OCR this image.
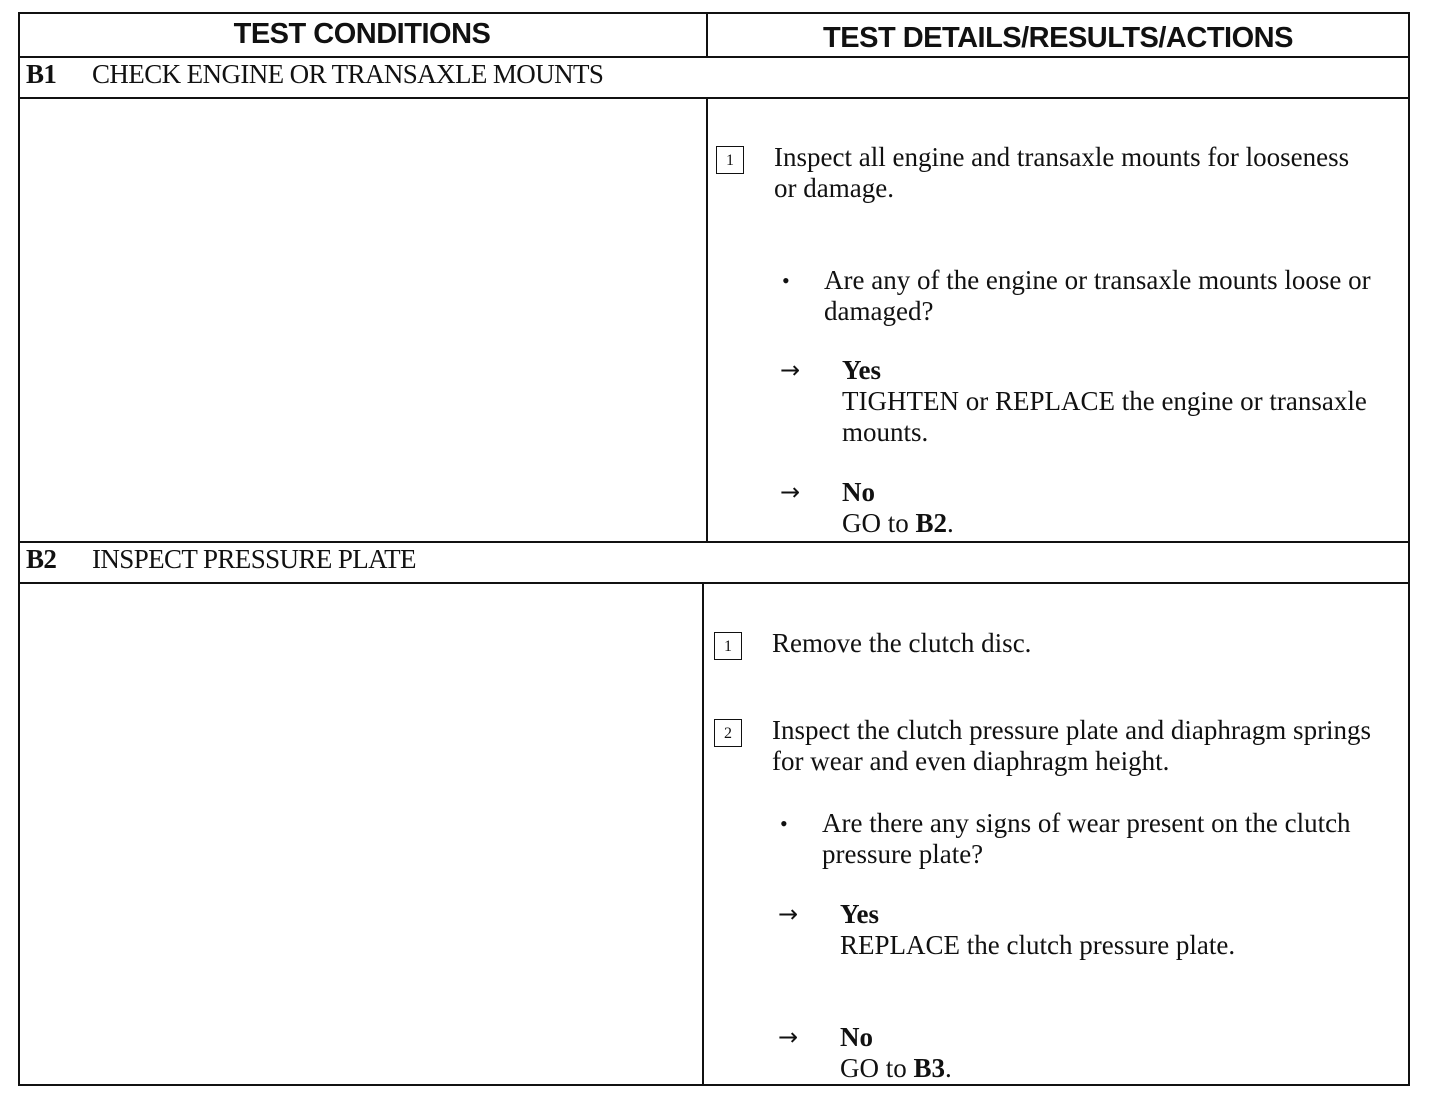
TEST CONDITIONS	TEST DETAILS/RESULTS/ACTIONS
B1 CHECK ENGINE OR TRANSAXLE MOUNTS
1	Inspect all engine and transaxle mounts for looseness or damage.
•	Are any of the engine or transaxle mounts loose or damaged?
→	Yes
TIGHTEN or REPLACE the engine or transaxle mounts.
→	No
GO to B2.
B2 INSPECT PRESSURE PLATE
1	Remove the clutch disc.
2	Inspect the clutch pressure plate and diaphragm springs for wear and even diaphragm height.
•	Are there any signs of wear present on the clutch pressure plate?
→	Yes
REPLACE the clutch pressure plate.
→	No
GO to B3.
